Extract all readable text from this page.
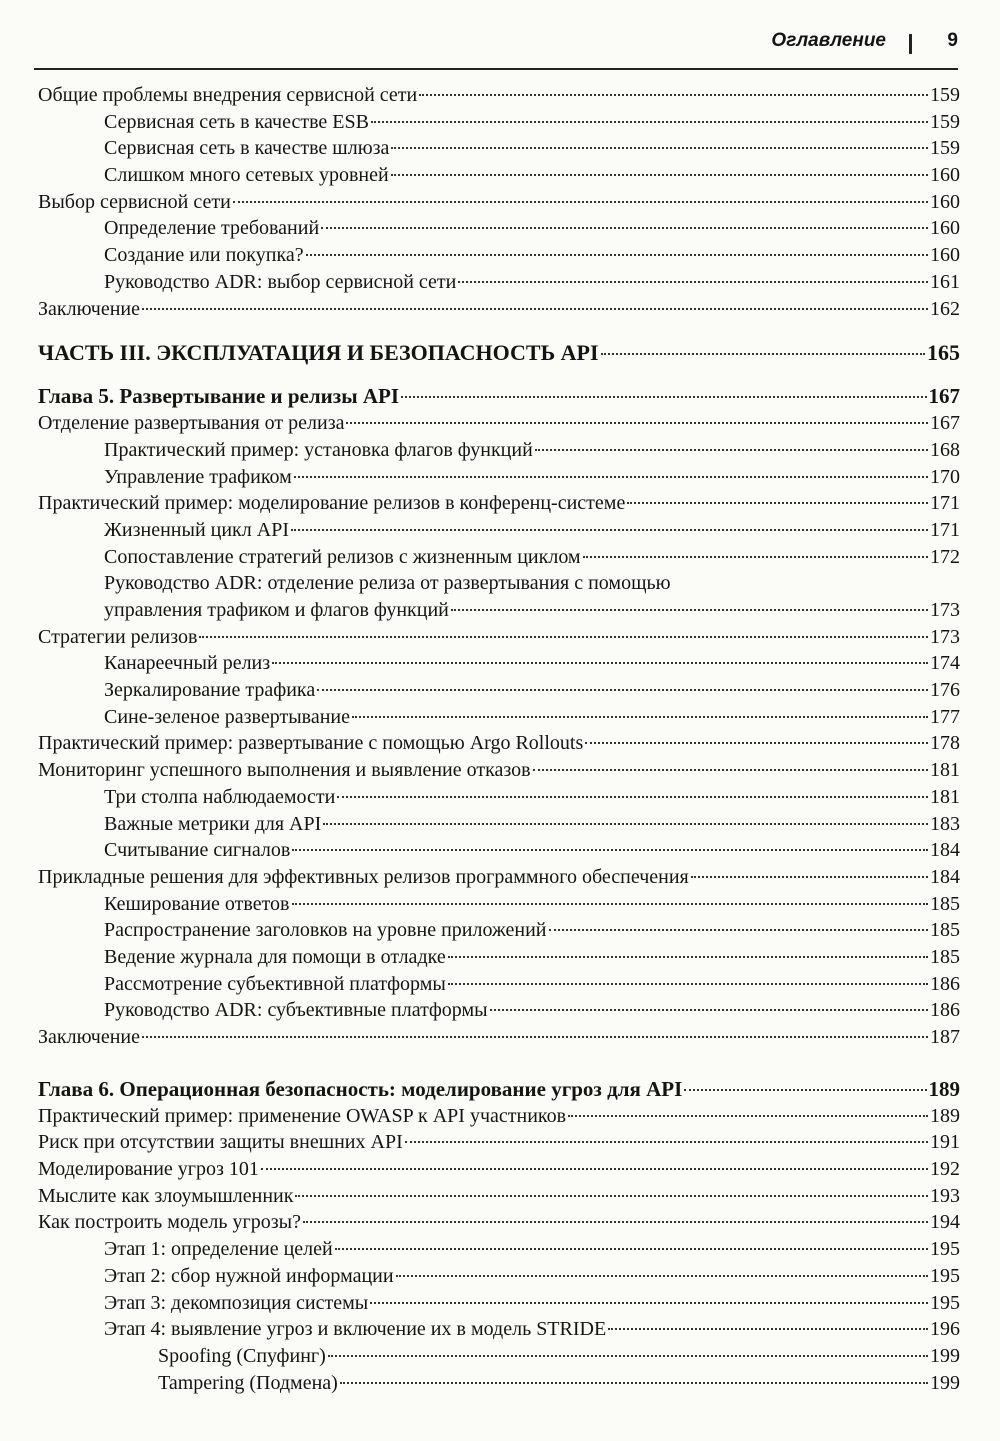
Оглавление	9
Общие проблемы внедрения сервисной сети	159
Сервисная сеть в качестве ESB	159
Сервисная сеть в качестве шлюза	159
Слишком много сетевых уровней	160
Выбор сервисной сети	160
Определение требований	160
Создание или покупка?	160
Руководство ADR: выбор сервисной сети	161
Заключение	162
ЧАСТЬ III. ЭКСПЛУАТАЦИЯ И БЕЗОПАСНОСТЬ API	165
Глава 5. Развертывание и релизы API	167
Отделение развертывания от релиза	167
Практический пример: установка флагов функций	168
Управление трафиком	170
Практический пример: моделирование релизов в конференц-системе	171
Жизненный цикл API	171
Сопоставление стратегий релизов с жизненным циклом	172
Руководство ADR: отделение релиза от развертывания с помощью
управления трафиком и флагов функций	173
Стратегии релизов	173
Канареечный релиз	174
Зеркалирование трафика	176
Сине-зеленое развертывание	177
Практический пример: развертывание с помощью Argo Rollouts	178
Мониторинг успешного выполнения и выявление отказов	181
Три столпа наблюдаемости	181
Важные метрики для API	183
Считывание сигналов	184
Прикладные решения для эффективных релизов программного обеспечения	184
Кеширование ответов	185
Распространение заголовков на уровне приложений	185
Ведение журнала для помощи в отладке	185
Рассмотрение субъективной платформы	186
Руководство ADR: субъективные платформы	186
Заключение	187
Глава 6. Операционная безопасность: моделирование угроз для API	189
Практический пример: применение OWASP к API участников	189
Риск при отсутствии защиты внешних API	191
Моделирование угроз 101	192
Мыслите как злоумышленник	193
Как построить модель угрозы?	194
Этап 1: определение целей	195
Этап 2: сбор нужной информации	195
Этап 3: декомпозиция системы	195
Этап 4: выявление угроз и включение их в модель STRIDE	196
Spoofing (Спуфинг)	199
Tampering (Подмена)	199
